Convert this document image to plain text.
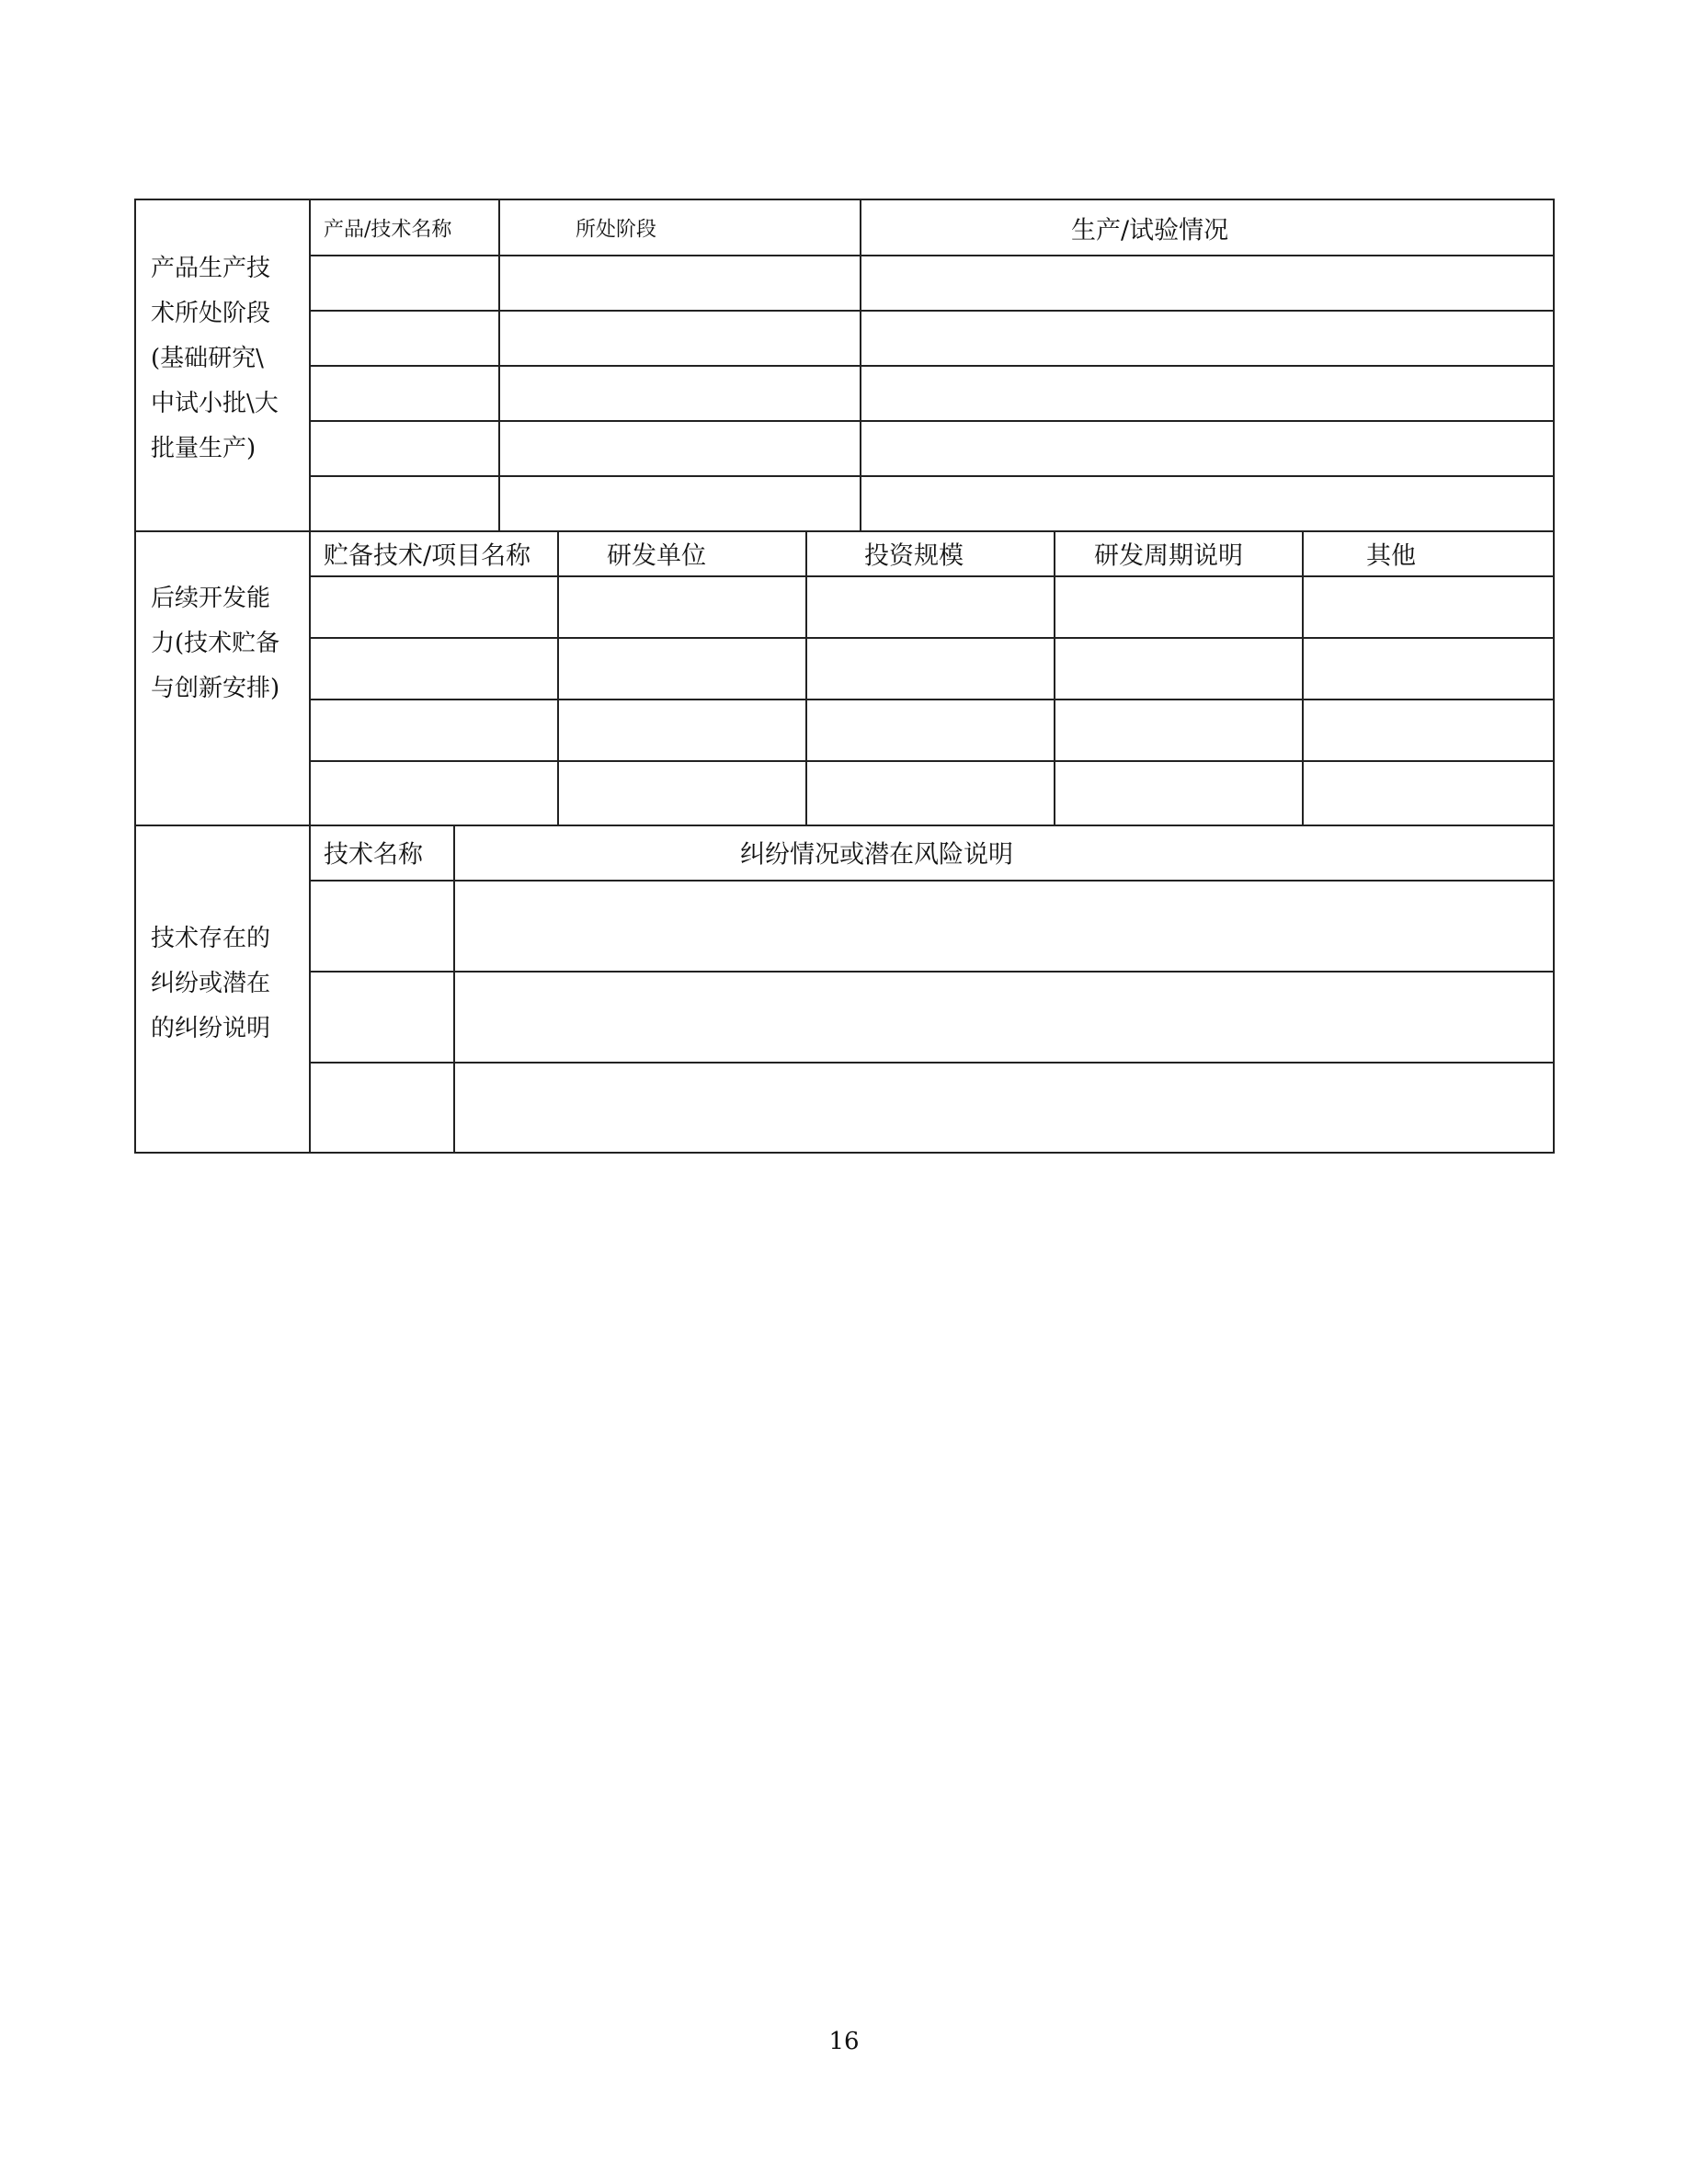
产品生产技
术所处阶段
(基础研究\
中试小批\大
批量生产)
产品/技术名称	所处阶段	生产/试验情况
后续开发能
力(技术贮备
与创新安排)
贮备技术/项目名称	研发单位	投资规模	研发周期说明	其他
技术存在的
纠纷或潜在
的纠纷说明
技术名称	纠纷情况或潜在风险说明
16
